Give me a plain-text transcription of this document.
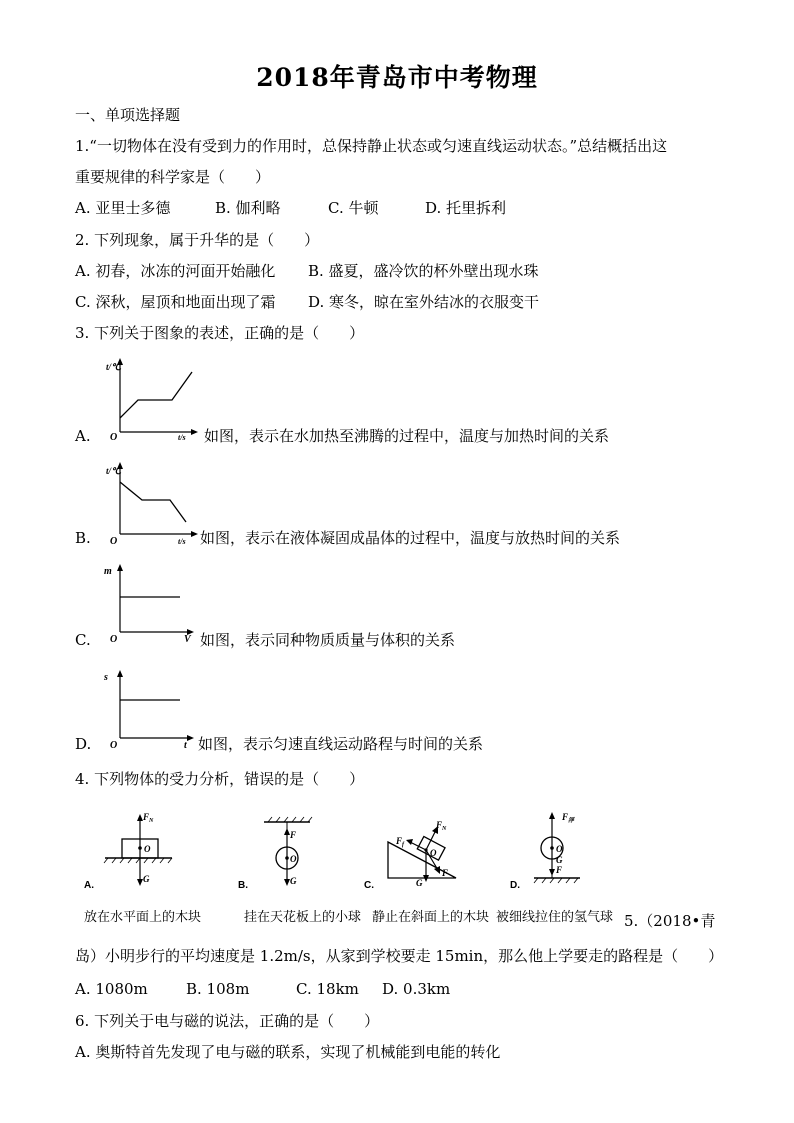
2018年青岛市中考物理
一、单项选择题
1.“一切物体在没有受到力的作用时，总保持静止状态或匀速直线运动状态。”总结概括出这
重要规律的科学家是（　　）
A. 亚里士多德	B. 伽利略	C. 牛顿	D. 托里拆利
2. 下列现象，属于升华的是（　　）
A. 初春，冰冻的河面开始融化 B. 盛夏，盛冷饮的杯外壁出现水珠
C. 深秋，屋顶和地面出现了霜 D. 寒冬，晾在室外结冰的衣服变干
3. 下列关于图象的表述，正确的是（　　）
A.
t/℃
O	t/s 如图，表示在水加热至沸腾的过程中，温度与加热时间的关系
B.
t/℃
O	t/s 如图，表示在液体凝固成晶体的过程中，温度与放热时间的关系
C.
m
O	V 如图，表示同种物质质量与体积的关系
D.
s
O	t 如图，表示匀速直线运动路程与时间的关系
4. 下列物体的受力分析，错误的是（　　）
$F_N$
O
G
A.
放在水平面上的木块
F
O
G
B.
挂在天花板上的小球
$F_N$
$F_f$
O
G
F
C.
静止在斜面上的木块
$F_浮$
O
G
F
D.
被细线拉住的氢气球 5.（2018•青
岛）小明步行的平均速度是 1.2m/s，从家到学校要走 15min，那么他上学要走的路程是（　　）
A. 1080m	B. 108m	C. 18km D. 0.3km
6. 下列关于电与磁的说法，正确的是（　　）
A. 奥斯特首先发现了电与磁的联系，实现了机械能到电能的转化
